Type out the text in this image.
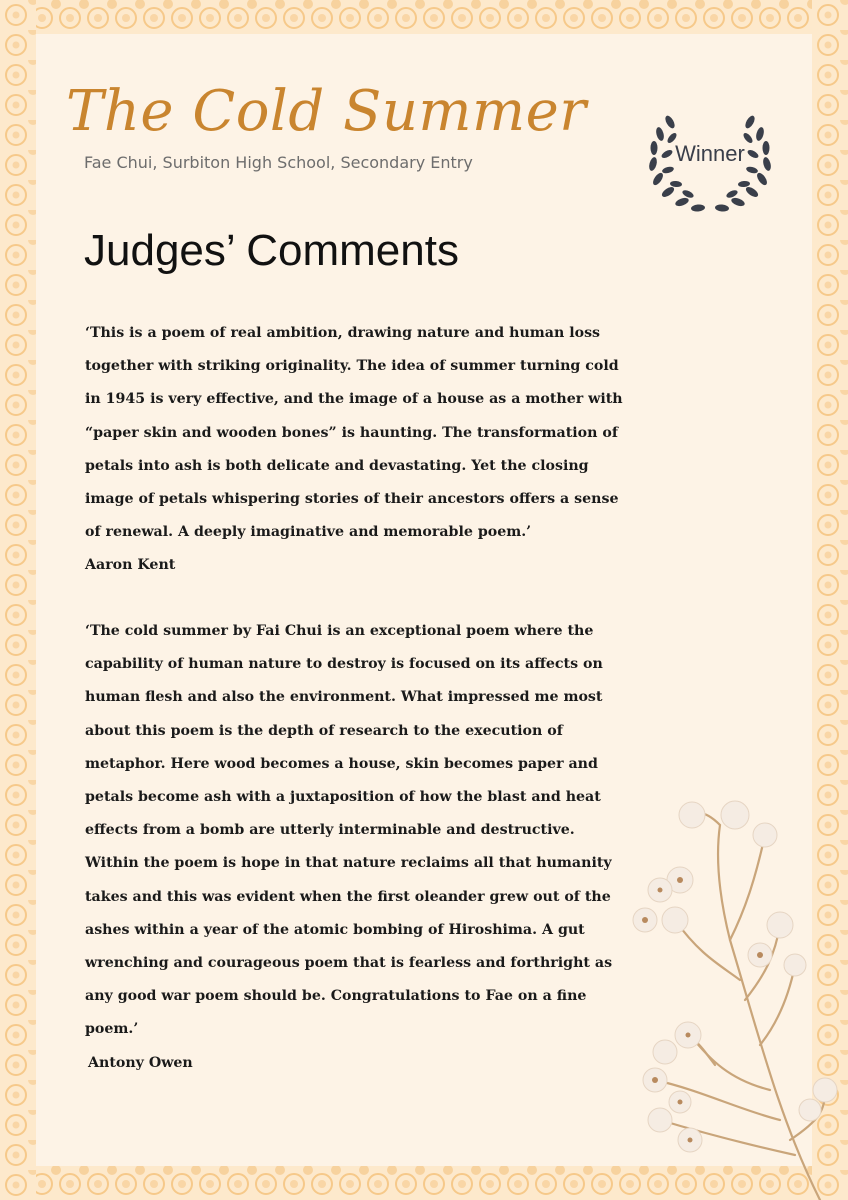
The Cold Summer
Fae Chui, Surbiton High School, Secondary Entry	Winner
Judges’ Comments
‘This is a poem of real ambition, drawing nature and human loss together with striking originality. The idea of summer turning cold in 1945 is very effective, and the image of a house as a mother with “paper skin and wooden bones” is haunting. The transformation of petals into ash is both delicate and devastating. Yet the closing image of petals whispering stories of their ancestors offers a sense of renewal. A deeply imaginative and memorable poem.’
Aaron Kent
‘The cold summer by Fai Chui is an exceptional poem where the capability of human nature to destroy is focused on its affects on human flesh and also the environment. What impressed me most about this poem is the depth of research to the execution of metaphor. Here wood becomes a house, skin becomes paper and petals become ash with a juxtaposition of how the blast and heat effects from a bomb are utterly interminable and destructive. Within the poem is hope in that nature reclaims all that humanity takes and this was evident when the first oleander grew out of the ashes within a year of the atomic bombing of Hiroshima. A gut wrenching and courageous poem that is fearless and forthright as any good war poem should be. Congratulations to Fae on a fine poem.’
Antony Owen
